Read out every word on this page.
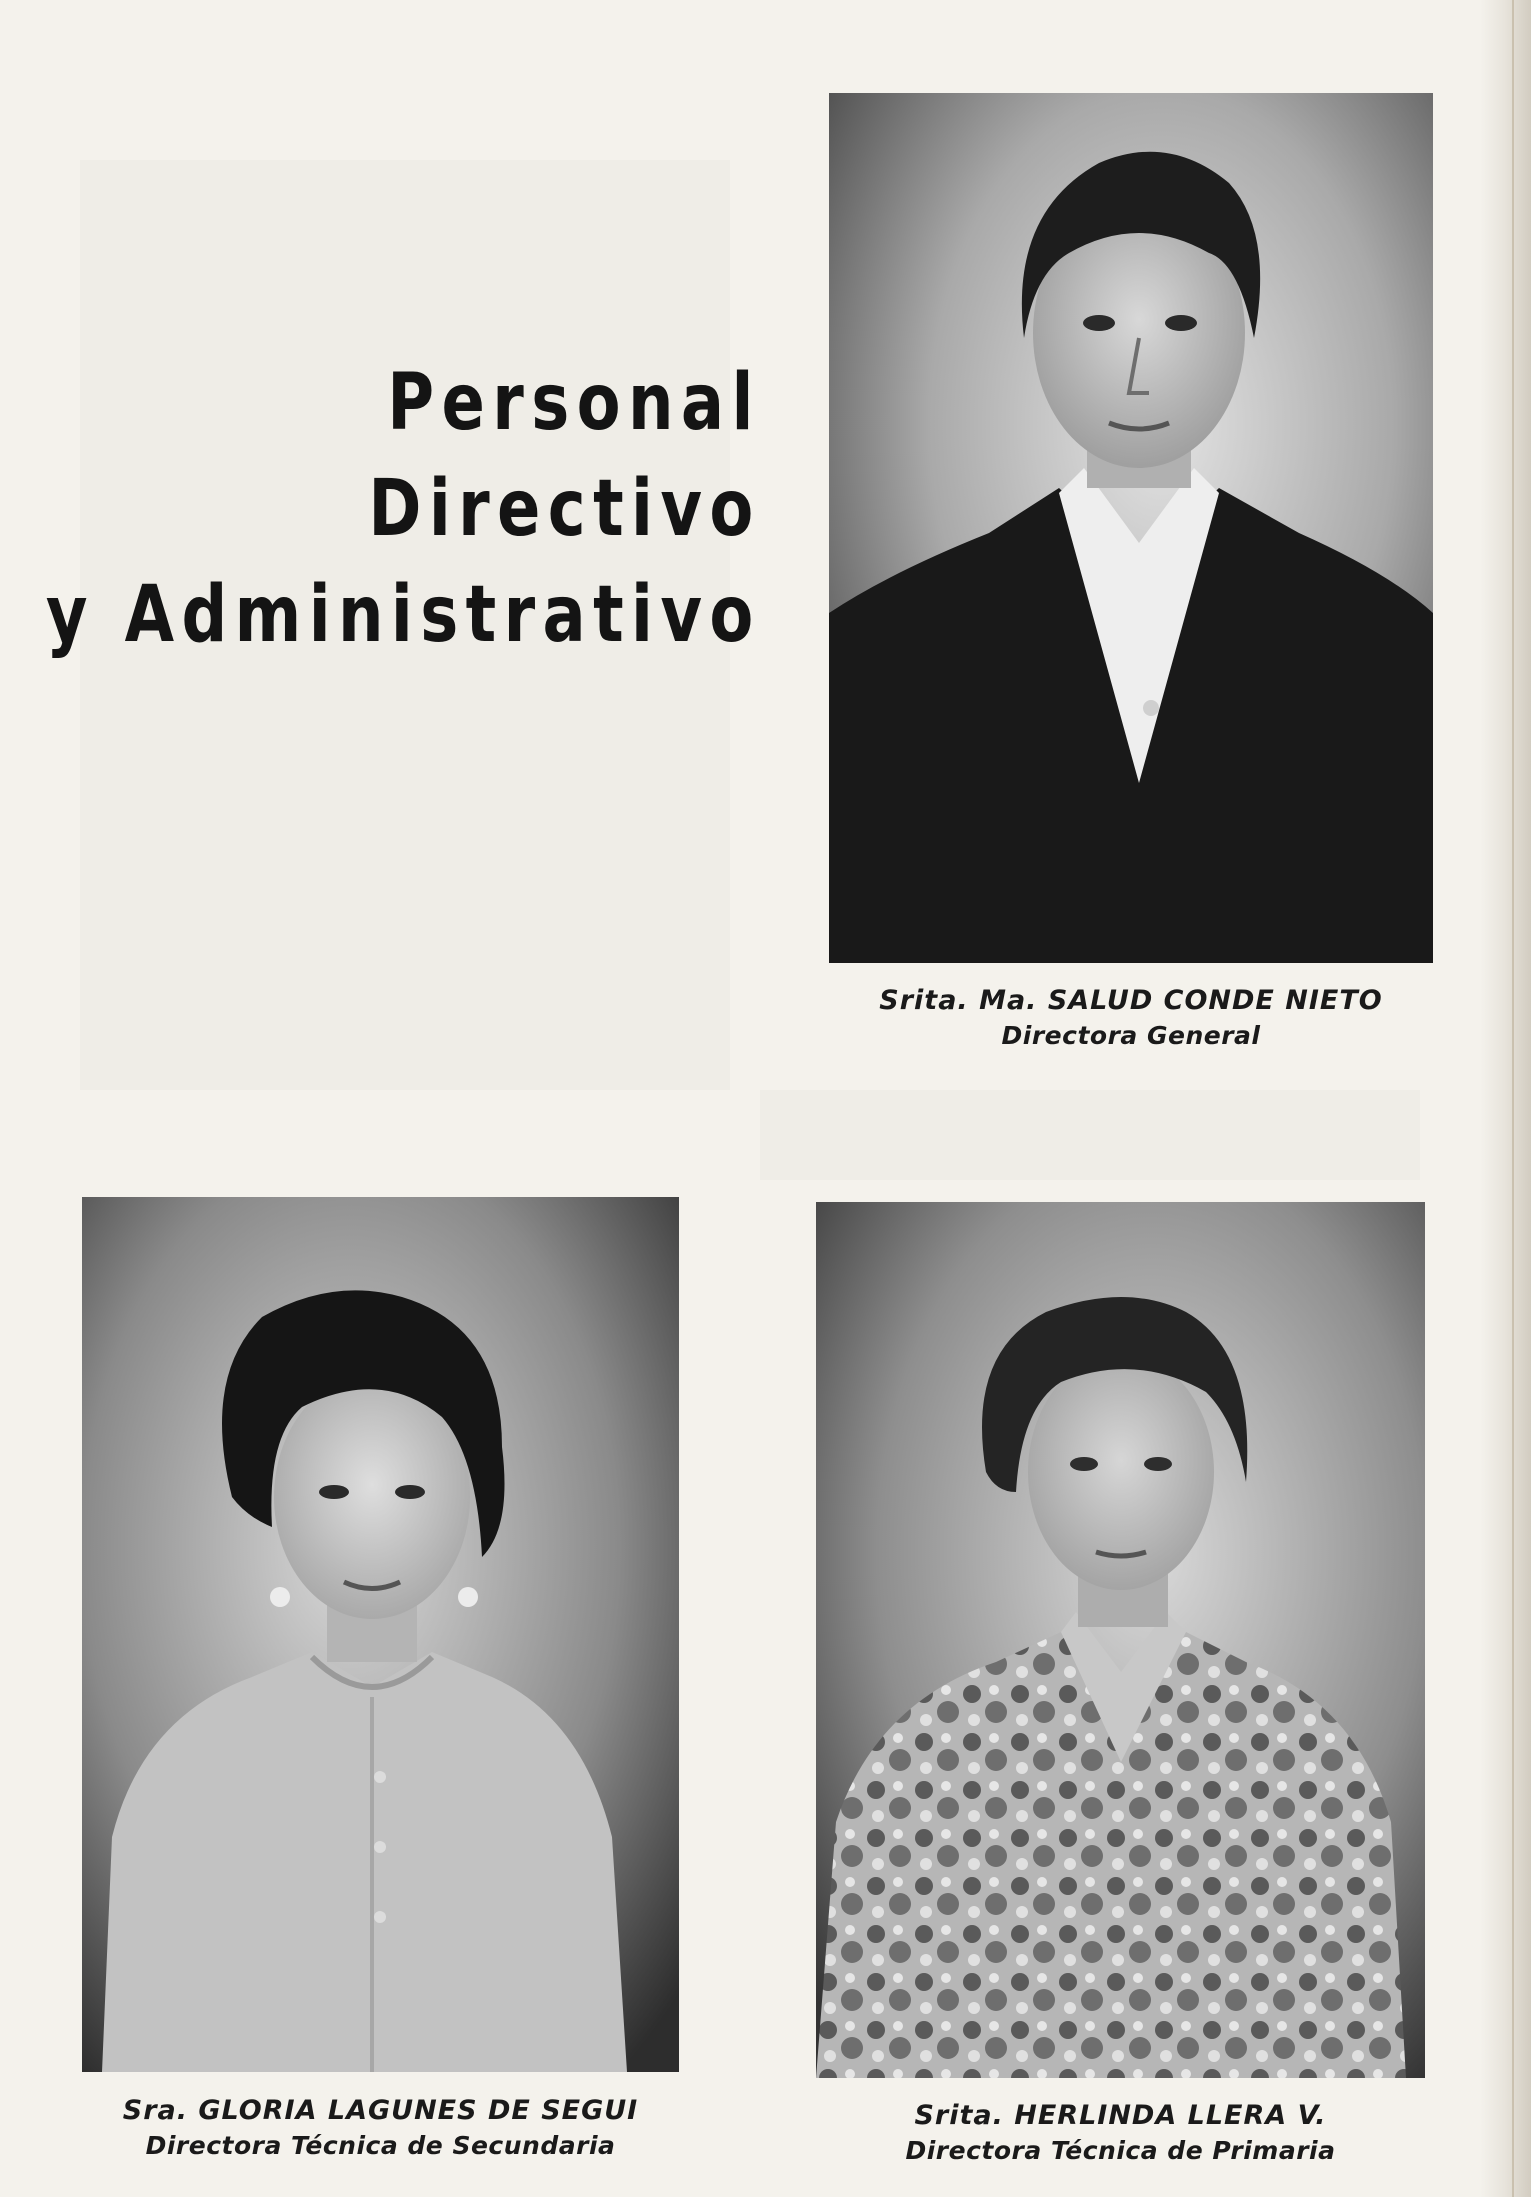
Personal
Directivo
y Administrativo
Srita. Ma. SALUD CONDE NIETO
Directora General
Sra. GLORIA LAGUNES DE SEGUI
Directora Técnica de Secundaria
Srita. HERLINDA LLERA V.
Directora Técnica de Primaria
